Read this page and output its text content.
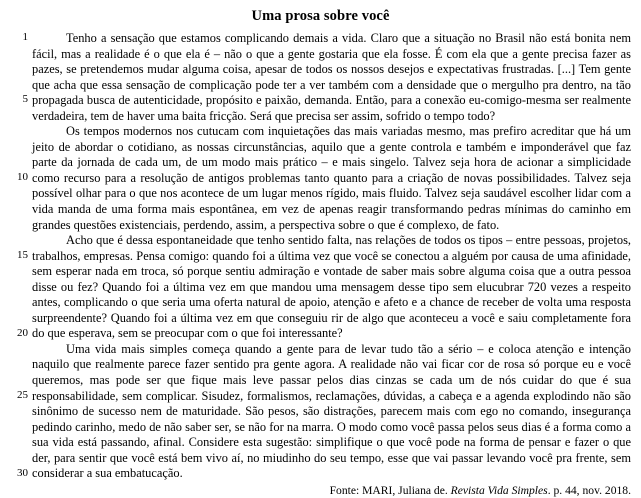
Uma prosa sobre você
1
5
10
15
20
25
30

Tenho a sensação que estamos complicando demais a vida. Claro que a situação no Brasil não está bonita nem fácil, mas a realidade é o que ela é – não o que a gente gostaria que ela fosse. É com ela que a gente precisa fazer as pazes, se pretendemos mudar alguma coisa, apesar de todos os nossos desejos e expectativas frustradas. [...] Tem gente que acha que essa sensação de complicação pode ter a ver também com a densidade que o mergulho pra dentro, na tão propagada busca de autenticidade, propósito e paixão, demanda. Então, para a conexão eu-comigo-mesma ser realmente verdadeira, tem de haver uma baita fricção. Será que precisa ser assim, sofrido o tempo todo?

Os tempos modernos nos cutucam com inquietações das mais variadas mesmo, mas prefiro acreditar que há um jeito de abordar o cotidiano, as nossas circunstâncias, aquilo que a gente controla e também e imponderável que faz parte da jornada de cada um, de um modo mais prático – e mais singelo. Talvez seja hora de acionar a simplicidade como recurso para a resolução de antigos problemas tanto quanto para a criação de novas possibilidades. Talvez seja possível olhar para o que nos acontece de um lugar menos rígido, mais fluido. Talvez seja saudável escolher lidar com a vida manda de uma forma mais espontânea, em vez de apenas reagir transformando pedras mínimas do caminho em grandes questões existenciais, perdendo, assim, a perspectiva sobre o que é complexo, de fato.

Acho que é dessa espontaneidade que tenho sentido falta, nas relações de todos os tipos – entre pessoas, projetos, trabalhos, empresas. Pensa comigo: quando foi a última vez que você se conectou a alguém por causa de uma afinidade, sem esperar nada em troca, só porque sentiu admiração e vontade de saber mais sobre alguma coisa que a outra pessoa disse ou fez? Quando foi a última vez em que mandou uma mensagem desse tipo sem elucubrar 720 vezes a respeito antes, complicando o que seria uma oferta natural de apoio, atenção e afeto e a chance de receber de volta uma resposta surpreendente? Quando foi a última vez em que conseguiu rir de algo que aconteceu a você e saiu completamente fora do que esperava, sem se preocupar com o que foi interessante?

Uma vida mais simples começa quando a gente para de levar tudo tão a sério – e coloca atenção e intenção naquilo que realmente parece fazer sentido pra gente agora. A realidade não vai ficar cor de rosa só porque eu e você queremos, mas pode ser que fique mais leve passar pelos dias cinzas se cada um de nós cuidar do que é sua responsabilidade, sem complicar. Sisudez, formalismos, reclamações, dúvidas, a cabeça e a agenda explodindo não são sinônimo de sucesso nem de maturidade. São pesos, são distrações, parecem mais com ego no comando, insegurança pedindo carinho, medo de não saber ser, se não for na marra. O modo como você passa pelos seus dias é a forma como a sua vida está passando, afinal. Considere esta sugestão: simplifique o que você pode na forma de pensar e fazer o que der, para sentir que você está bem vivo aí, no miudinho do seu tempo, esse que vai passar levando você pra frente, sem considerar a sua embatucação.

Fonte: MARI, Juliana de. Revista Vida Simples. p. 44, nov. 2018.
